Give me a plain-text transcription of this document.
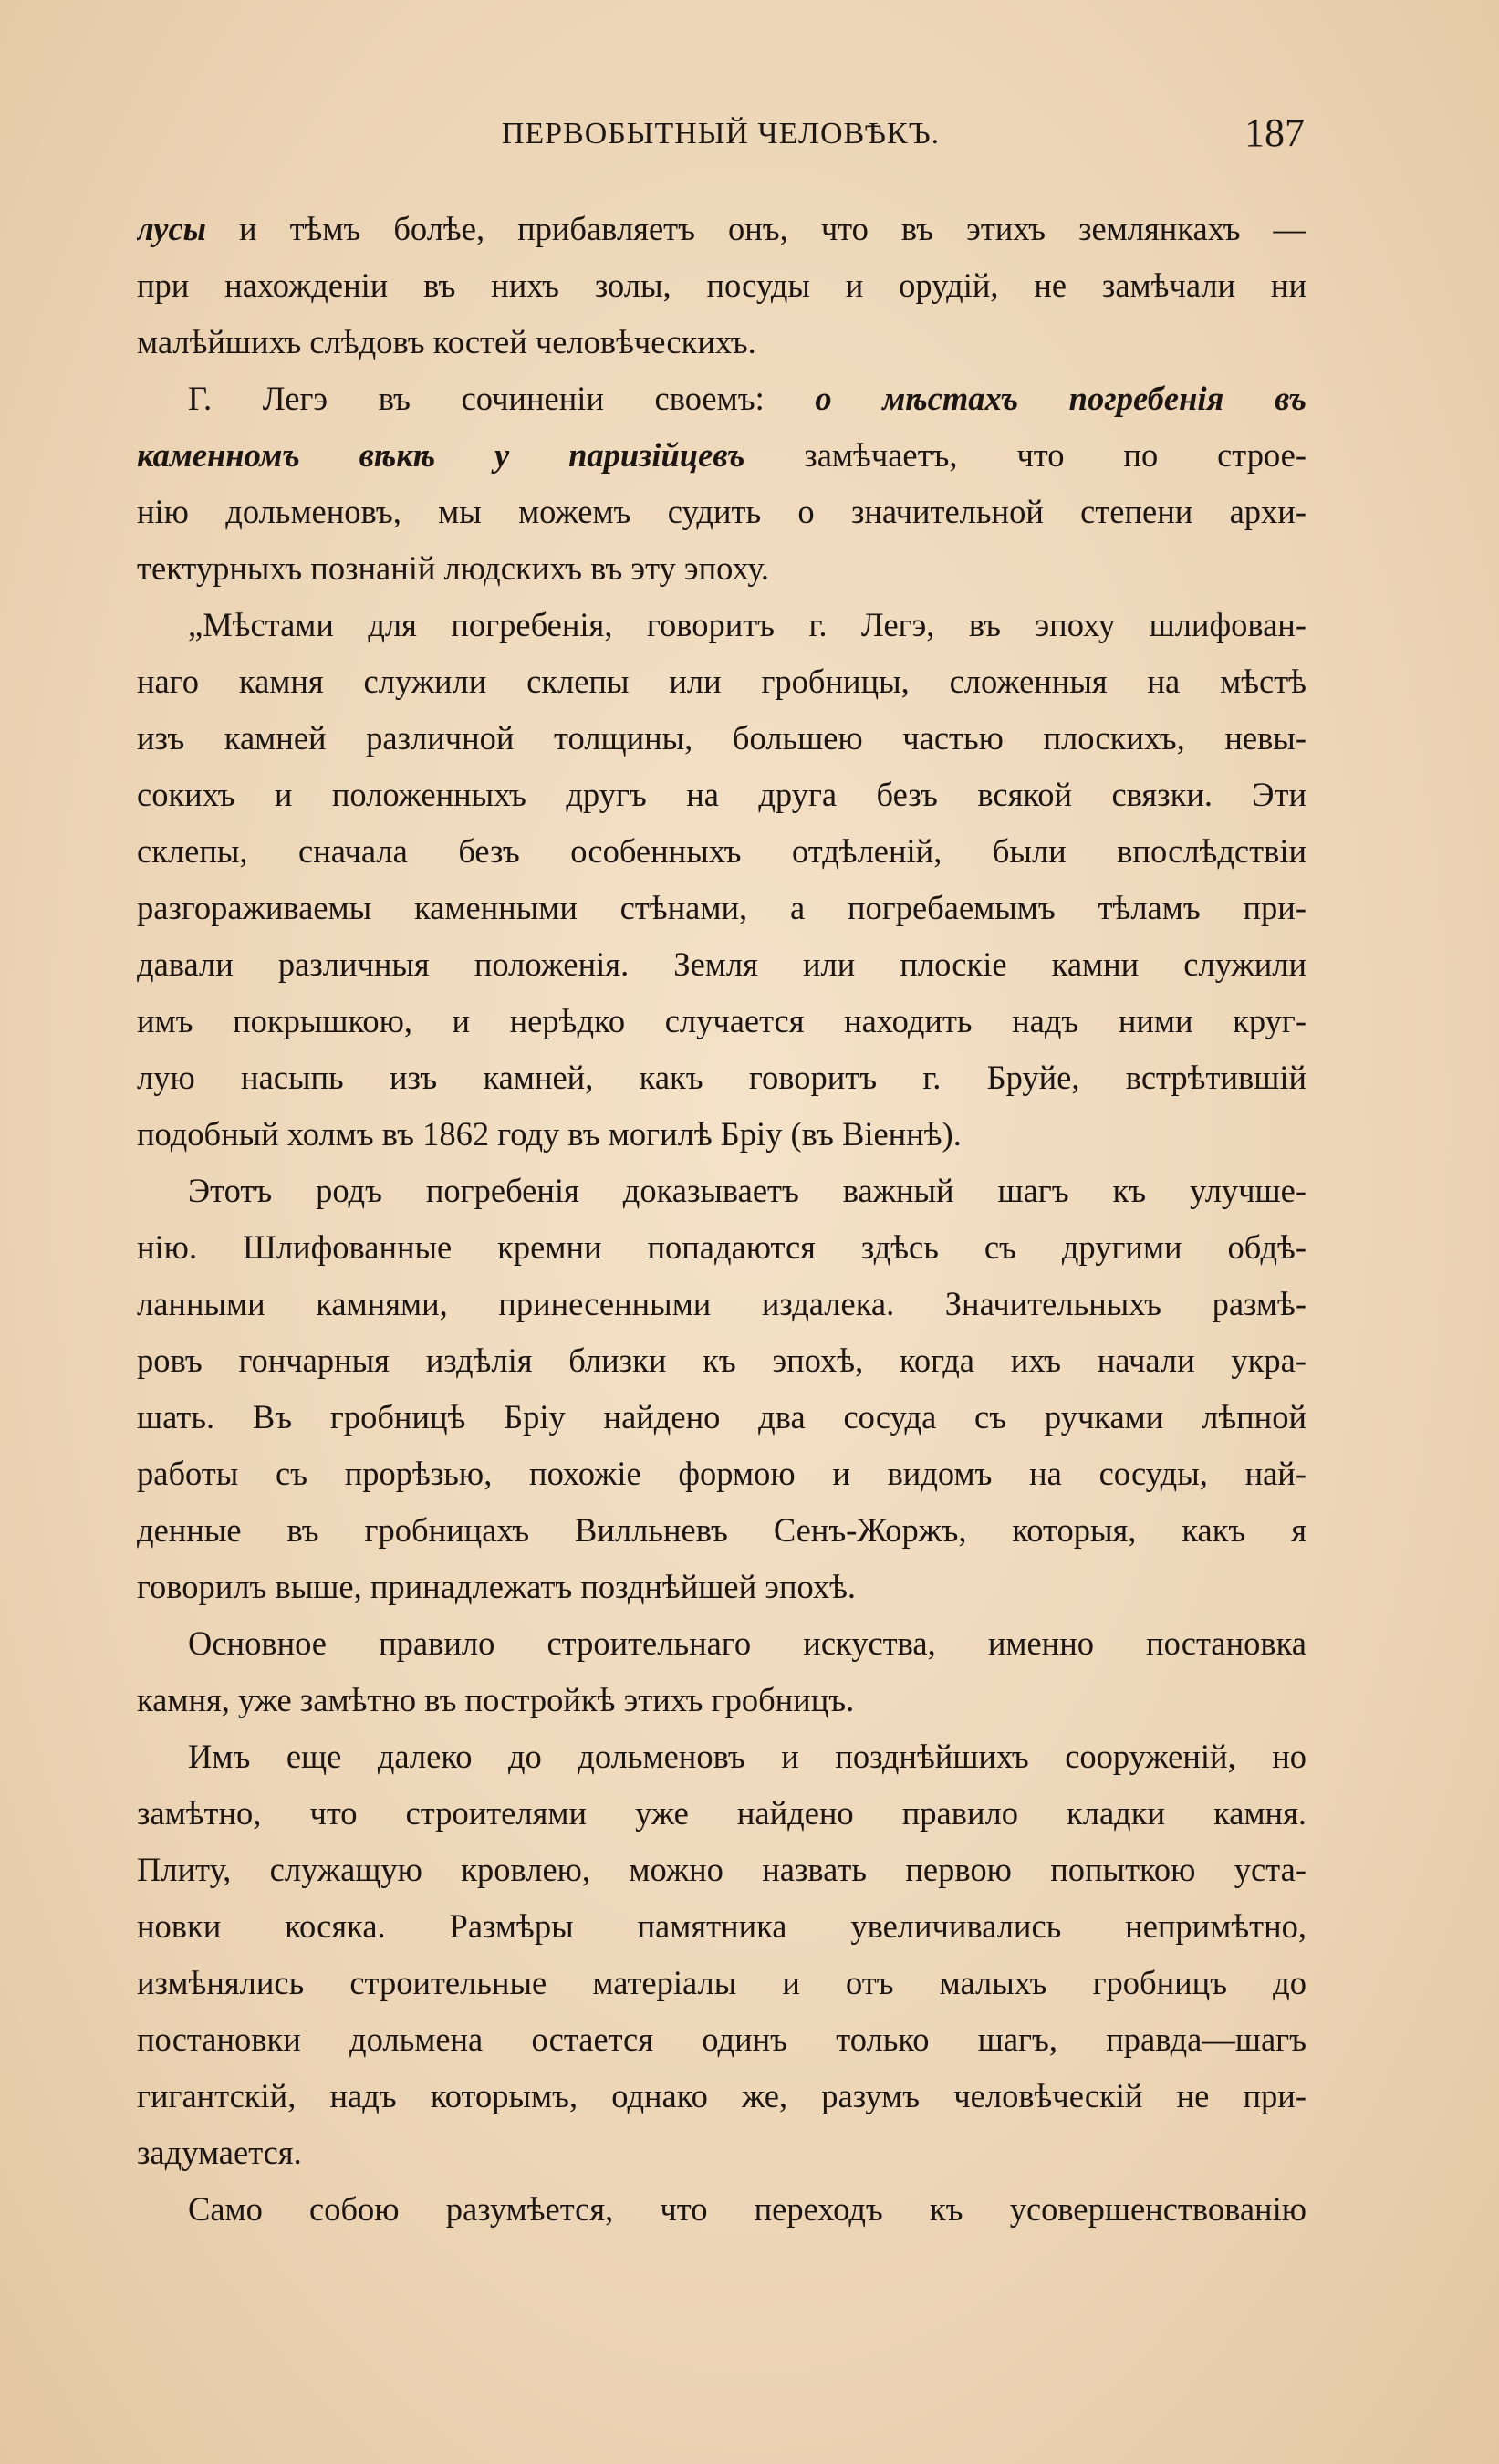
ПЕРВОБЫТНЫЙ ЧЕЛОВѢКЪ.	187
лусы и тѣмъ болѣе, прибавляетъ онъ, что въ этихъ землянкахъ —
при нахожденіи въ нихъ золы, посуды и орудій, не замѣчали ни
малѣйшихъ слѣдовъ костей человѣческихъ.
Г. Легэ въ сочиненіи своемъ: о мѣстахъ погребенія въ
каменномъ вѣкѣ у паризійцевъ замѣчаетъ, что по строе-
нію дольменовъ, мы можемъ судить о значительной степени архи-
тектурныхъ познаній людскихъ въ эту эпоху.
„Мѣстами для погребенія, говоритъ г. Легэ, въ эпоху шлифован-
наго камня служили склепы или гробницы, сложенныя на мѣстѣ
изъ камней различной толщины, большею частью плоскихъ, невы-
сокихъ и положенныхъ другъ на друга безъ всякой связки. Эти
склепы, сначала безъ особенныхъ отдѣленій, были впослѣдствіи
разгораживаемы каменными стѣнами, а погребаемымъ тѣламъ при-
давали различныя положенія. Земля или плоскіе камни служили
имъ покрышкою, и нерѣдко случается находить надъ ними круг-
лую насыпь изъ камней, какъ говоритъ г. Бруйе, встрѣтившій
подобный холмъ въ 1862 году въ могилѣ Бріу (въ Віеннѣ).
Этотъ родъ погребенія доказываетъ важный шагъ къ улучше-
нію. Шлифованные кремни попадаются здѣсь съ другими обдѣ-
ланными камнями, принесенными издалека. Значительныхъ размѣ-
ровъ гончарныя издѣлія близки къ эпохѣ, когда ихъ начали укра-
шать. Въ гробницѣ Бріу найдено два сосуда съ ручками лѣпной
работы съ прорѣзью, похожіе формою и видомъ на сосуды, най-
денные въ гробницахъ Вилльневъ Сенъ-Жоржъ, которыя, какъ я
говорилъ выше, принадлежатъ позднѣйшей эпохѣ.
Основное правило строительнаго искуства, именно постановка
камня, уже замѣтно въ постройкѣ этихъ гробницъ.
Имъ еще далеко до дольменовъ и позднѣйшихъ сооруженій, но
замѣтно, что строителями уже найдено правило кладки камня.
Плиту, служащую кровлею, можно назвать первою попыткою уста-
новки косяка. Размѣры памятника увеличивались непримѣтно,
измѣнялись строительные матеріалы и отъ малыхъ гробницъ до
постановки дольмена остается одинъ только шагъ, правда—шагъ
гигантскій, надъ которымъ, однако же, разумъ человѣческій не при-
задумается.
Само собою разумѣется, что переходъ къ усовершенствованію
